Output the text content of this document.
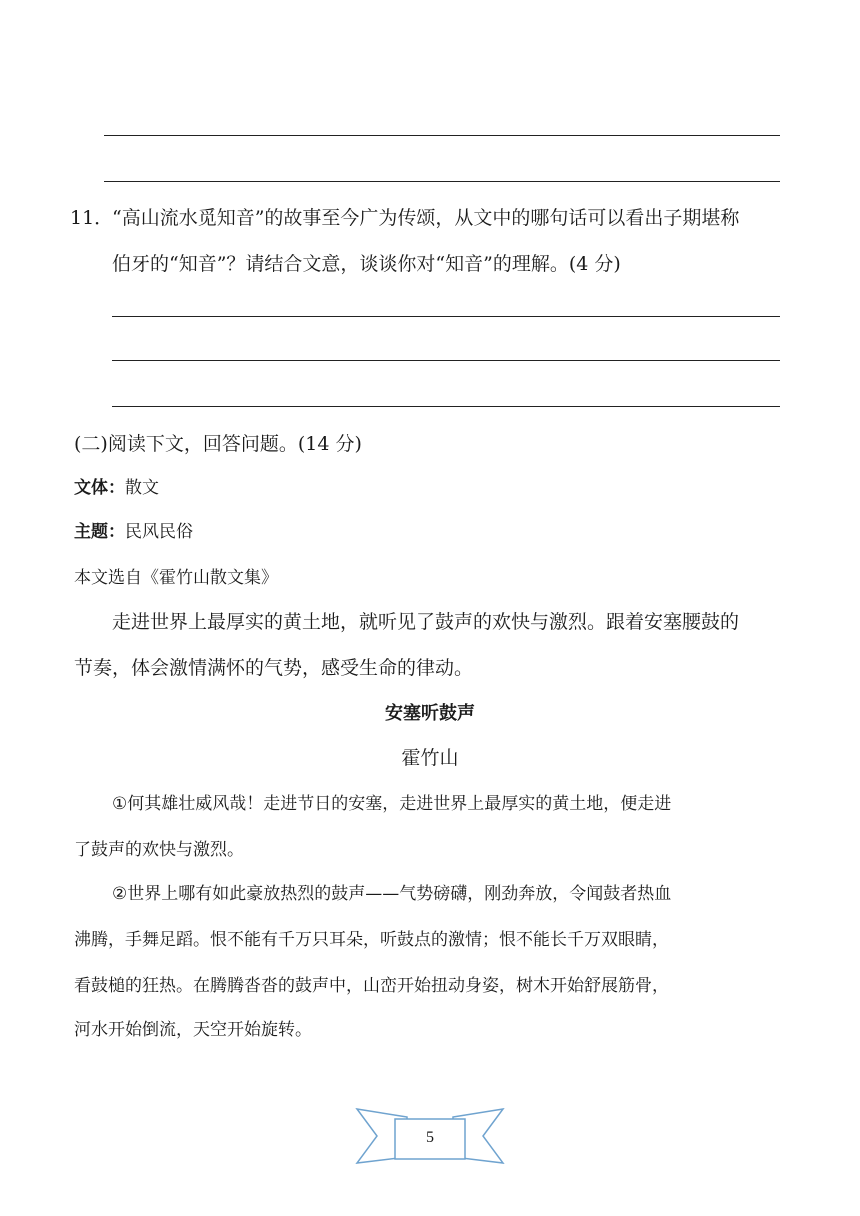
11．
“高山流水觅知音”的故事至今广为传颂，从文中的哪句话可以看出子期堪称
伯牙的“知音”？请结合文意，谈谈你对“知音”的理解。(4 分)
(二)阅读下文，回答问题。(14 分)
文体：散文
主题：民风民俗
本文选自《霍竹山散文集》
走进世界上最厚实的黄土地，就听见了鼓声的欢快与激烈。跟着安塞腰鼓的
节奏，体会激情满怀的气势，感受生命的律动。
安塞听鼓声
霍竹山
①何其雄壮威风哉！走进节日的安塞，走进世界上最厚实的黄土地，便走进
了鼓声的欢快与激烈。
②世界上哪有如此豪放热烈的鼓声——气势磅礴，刚劲奔放，令闻鼓者热血
沸腾，手舞足蹈。恨不能有千万只耳朵，听鼓点的激情；恨不能长千万双眼睛，
看鼓槌的狂热。在腾腾沓沓的鼓声中，山峦开始扭动身姿，树木开始舒展筋骨，
河水开始倒流，天空开始旋转。
5
